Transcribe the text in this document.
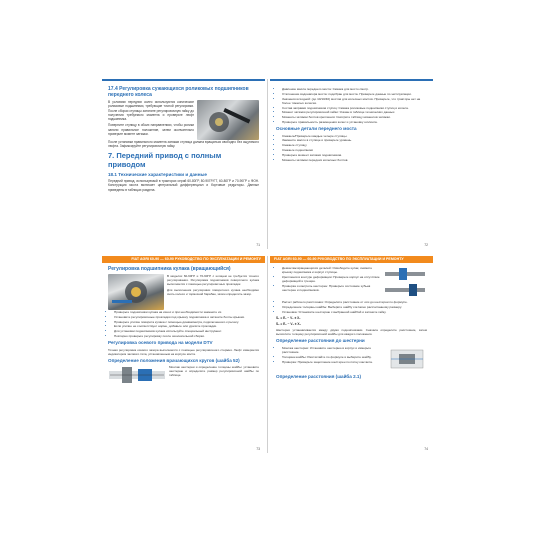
17.4 Регулировка сужающихся роликовых подшипников переднего колеса

В условиях передних колес используются конические роликовые подшипники, требующие точной регулировки. После сборки ступицы затяните регулировочную гайку до получения требуемого момента и проверьте люфт подшипника.

Поверните ступицу в обоих направлениях, чтобы ролики заняли правильное положение, затем окончательно проверьте момент затяжки.

После установки правильного момента затяжки ступица должна вращаться свободно без ощутимого люфта. Зафиксируйте регулировочную гайку.

7. Передний привод с полным приводом
18.1 Технические характеристики и данные

Передний привод, используемый в тракторах серий 60-80ГР, 80-90ГР/ГТ, 60-80ГР и 70-90ГР с ФОН. Конструкция моста включает центральный дифференциал и бортовые редукторы. Данные приведены в таблицах раздела.

71
• Давление масла переднего моста: Смазка для мосто смотр.
• Отклонение водонапора моста: подобран для моста. Проверьте данные по эксплуатации.
• Значения исходной: (до 10/10/40) мостов для колесных мостов. Проверьте, что тракторы нет на более тяжелых колесах.
• Состав заправки подшипников ступиц: Смазка роликовые подшипники ступиц и колеса.
• Момент затяжки регулировочной гайки: Указан в таблице технических данных.
• Моменты затяжки болтов крепления: Смотрите таблицу моментов затяжки.
• Проверьте правильность размещения колес и установку шплинта.
Основные детали переднего моста
• Смажьте/Проверьте каждые четыре ступицы.
• Замените масло в ступице и проверьте уровень.
• Смажьте ступицу
• Смажьте подшипники
• Проверьте момент затяжки подшипников.
• Моменты затяжки передних колесных болтов.
72
FIAT AGRI 60-90 — 60-90 РУКОВОДСТВО ПО ЭКСПЛУАТАЦИИ И РЕМОНТУ
Регулировка подшипника кулака (вращающийся)

В моделях 60-90ГР и 70-90ГР с шлицем не требуется точного регулирования. Регулировка подшипников поворотного кулака выполняется с помощью регулировочных прокладок.

Для выполнения регулировки поворотного кулака необходимо снять колесо и тормозной барабан, затем определить зазор.

• Проверьте подшипники кулака на износ и при необходимости замените их.
• Установите регулировочные прокладки под крышку подшипника и затяните болты крышки.
• Проверьте усилие поворота кулака с помощью динамометра, подключенного к рычагу.
• Если усилие не соответствует норме, добавьте или удалите прокладки.
• Для установки подшипников кулака используйте специальный инструмент.
• Повторно проверьте регулировку после окончательной сборки.
Регулировка осевого привода на модели DTV

Точная регулировка осевого зазора выполняется с помощью регулировочного стержня. Люфт измеряется индикатором часового типа, установленным на корпусе моста.

Определение положения врачающихся кругов (шайба 52)

Монтаж шестерни и определение толщины шайбы: установите шестерню и определите размер регулировочной шайбы по таблице.

73
FIAT AGRI 60-90 — 60-90 РУКОВОДСТВО ПО ЭКСПЛУАТАЦИИ И РЕМОНТУ
• Демонтаж вращающихся деталей: Освободите кулак, снимите крышку подшипника и корпус ступицы.
• Крепления в контуре деформации: Проверьте корпус на отсутствие деформаций и трещин.
• Проверка и контроль шестерен: Проверьте состояние зубьев шестерен и подшипников.
• Расчет рабочего расстояния: Определите расстояние от оси до шестерни по формуле.
• Определение толщины шайбы: Выберите шайбу согласно рассчитанному размеру.
• Установка: Установите шестерню с выбранной шайбой и затяните гайку.

S₁ = E₁ − V₁ ± X₁

S₂ = E₂ − V₂ ± X₂

Шестерня устанавливается между двумя подшипниками. Сначала определите расстояние, затем вычислите толщину регулировочной шайбы для каждого положения.

Определение расстояния до шестерни
• Монтаж шестерни: Установите шестерню в корпус и измерьте расстояние.
• Толщина шайбы: Рассчитайте по формуле и выберите шайбу.
• Проверка: Проверьте зацепление шестерен по пятну контакта.
Определение расстояния (шайба 2.1)
74
